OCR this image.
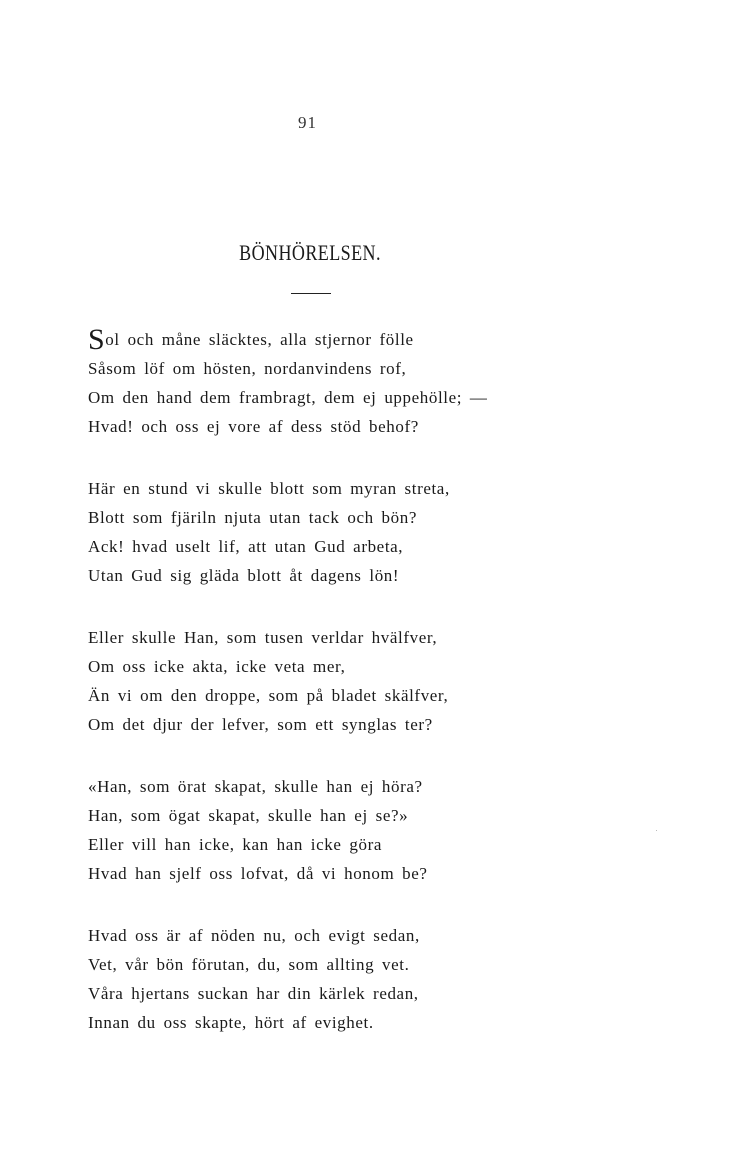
91
BÖNHÖRELSEN.
Sol och måne släcktes, alla stjernor fölle
Såsom löf om hösten, nordanvindens rof,
Om den hand dem frambragt, dem ej uppehölle; —
Hvad! och oss ej vore af dess stöd behof?
Här en stund vi skulle blott som myran streta,
Blott som fjäriln njuta utan tack och bön?
Ack! hvad uselt lif, att utan Gud arbeta,
Utan Gud sig gläda blott åt dagens lön!
Eller skulle Han, som tusen verldar hvälfver,
Om oss icke akta, icke veta mer,
Än vi om den droppe, som på bladet skälfver,
Om det djur der lefver, som ett synglas ter?
«Han, som örat skapat, skulle han ej höra?
Han, som ögat skapat, skulle han ej se?»
Eller vill han icke, kan han icke göra
Hvad han sjelf oss lofvat, då vi honom be?
Hvad oss är af nöden nu, och evigt sedan,
Vet, vår bön förutan, du, som allting vet.
Våra hjertans suckan har din kärlek redan,
Innan du oss skapte, hört af evighet.
